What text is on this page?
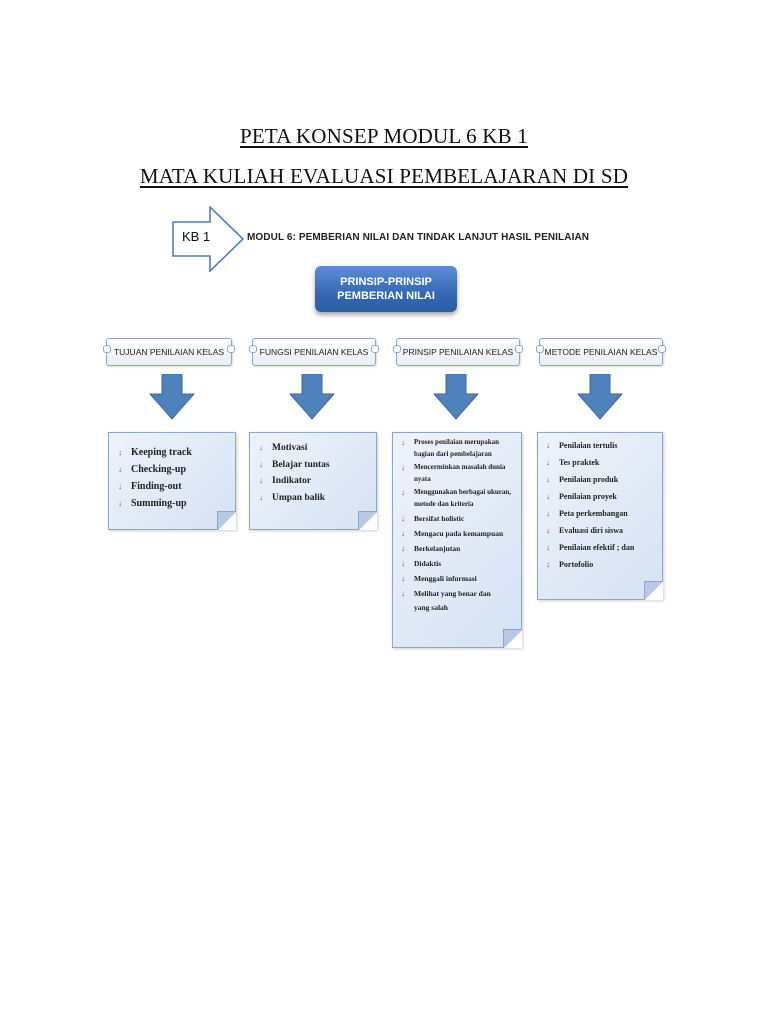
PETA KONSEP MODUL 6 KB 1
MATA KULIAH EVALUASI PEMBELAJARAN DI SD
KB 1	MODUL 6: PEMBERIAN NILAI DAN TINDAK LANJUT HASIL PENILAIAN
PRINSIP-PRINSIP
PEMBERIAN NILAI
TUJUAN PENILAIAN KELAS
↓ Keeping track
↓ Checking-up
↓ Finding-out
↓ Summing-up
FUNGSI PENILAIAN KELAS
↓ Motivasi
↓ Belajar tuntas
↓ Indikator
↓ Umpan balik
PRINSIP PENILAIAN KELAS
↓ Proses penilaian merupakan bagian dari pembelajaran
↓ Mencerminkan masalah dunia nyata
↓ Menggunakan berbagai ukuran, metode dan kriteria
↓ Bersifat holistic
↓ Mengacu pada kemampuan
↓ Berkelanjutan
↓ Didaktis
↓ Menggali informasi
↓ Melihat yang benar dan yang salah
METODE PENILAIAN KELAS
↓ Penilaian tertulis
↓ Tes praktek
↓ Penilaian produk
↓ Penilaian proyek
↓ Peta perkembangan
↓ Evaluasi diri siswa
↓ Penilaian efektif ; dan
↓ Portofolio
